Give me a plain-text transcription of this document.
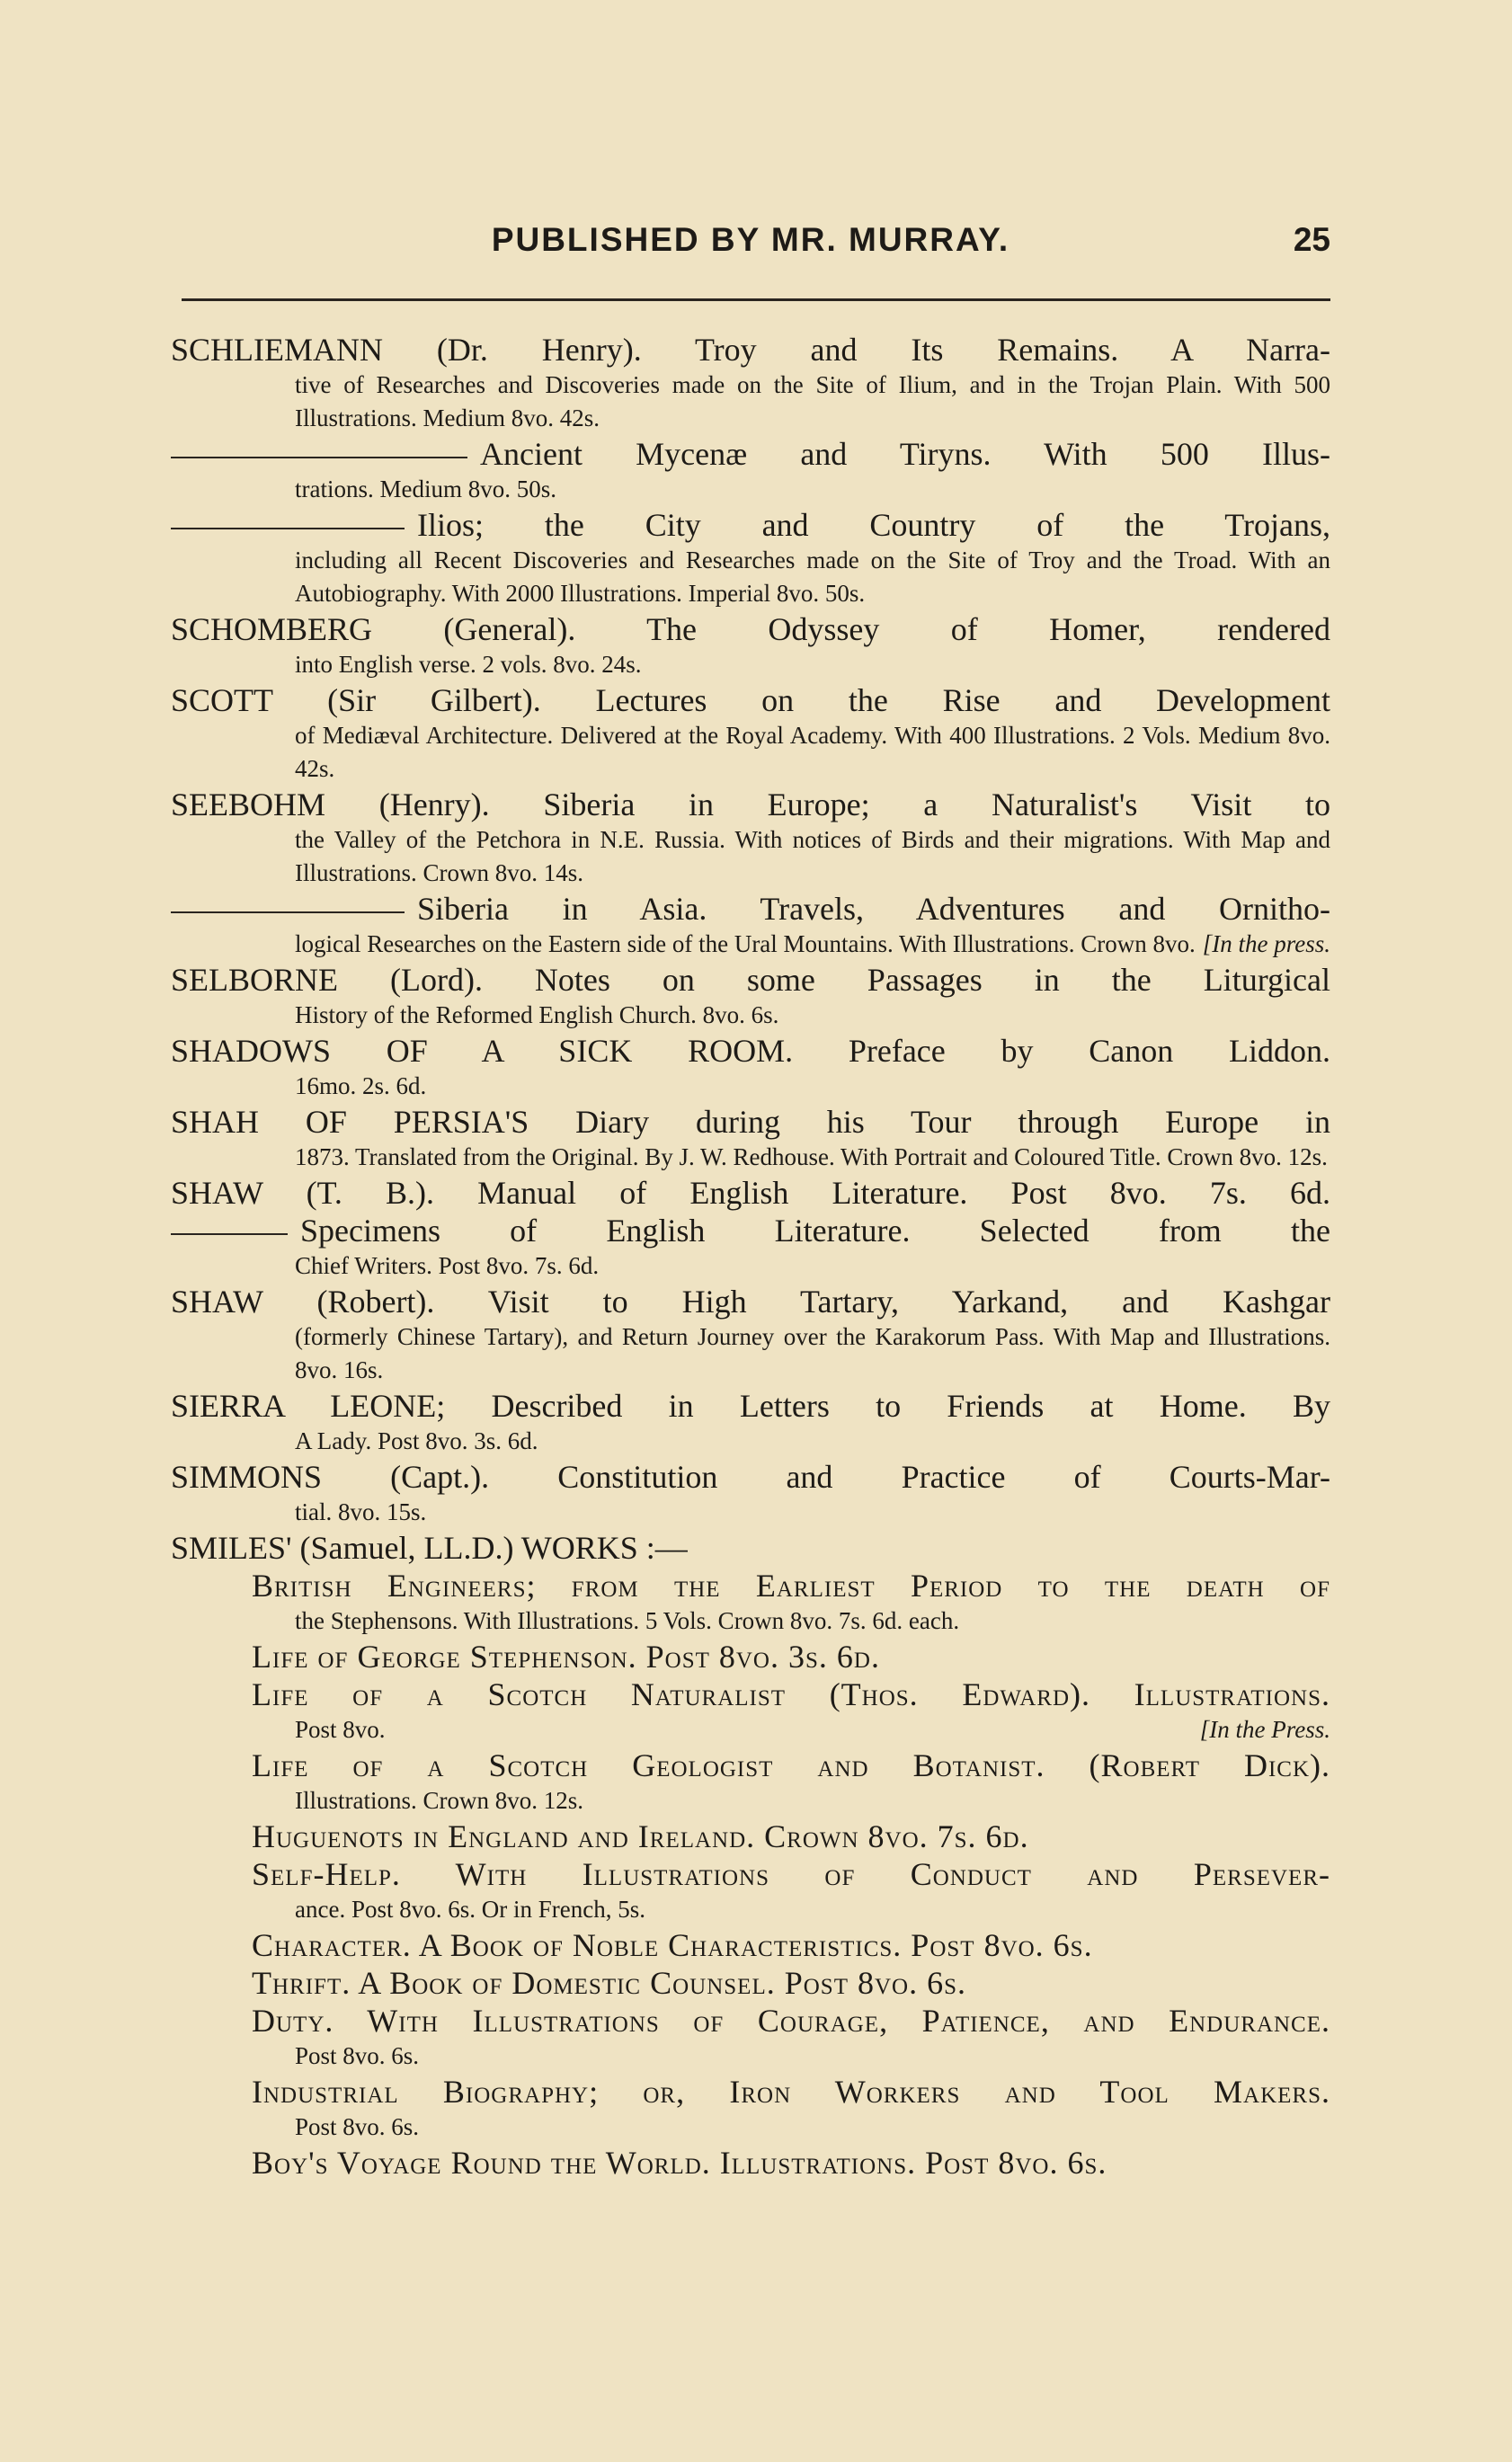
PUBLISHED BY MR. MURRAY.	25
SCHLIEMANN (Dr. Henry). Troy and Its Remains. A Narra-
tive of Researches and Discoveries made on the Site of Ilium, and in the Trojan Plain. With 500 Illustrations. Medium 8vo. 42s.
Ancient Mycenæ and Tiryns. With 500 Illus-
trations. Medium 8vo. 50s.
Ilios; the City and Country of the Trojans,
including all Recent Discoveries and Researches made on the Site of Troy and the Troad. With an Autobiography. With 2000 Illustrations. Imperial 8vo. 50s.
SCHOMBERG (General). The Odyssey of Homer, rendered
into English verse. 2 vols. 8vo. 24s.
SCOTT (Sir Gilbert). Lectures on the Rise and Development
of Mediæval Architecture. Delivered at the Royal Academy. With 400 Illustrations. 2 Vols. Medium 8vo. 42s.
SEEBOHM (Henry). Siberia in Europe; a Naturalist's Visit to
the Valley of the Petchora in N.E. Russia. With notices of Birds and their migrations. With Map and Illustrations. Crown 8vo. 14s.
Siberia in Asia. Travels, Adventures and Ornitho-
logical Researches on the Eastern side of the Ural Mountains. With Illustrations. Crown 8vo. [In the press.
SELBORNE (Lord). Notes on some Passages in the Liturgical
History of the Reformed English Church. 8vo. 6s.
SHADOWS OF A SICK ROOM. Preface by Canon Liddon.
16mo. 2s. 6d.
SHAH OF PERSIA'S Diary during his Tour through Europe in
1873. Translated from the Original. By J. W. Redhouse. With Portrait and Coloured Title. Crown 8vo. 12s.
SHAW (T. B.). Manual of English Literature. Post 8vo. 7s. 6d.
Specimens of English Literature. Selected from the
Chief Writers. Post 8vo. 7s. 6d.
SHAW (Robert). Visit to High Tartary, Yarkand, and Kashgar
(formerly Chinese Tartary), and Return Journey over the Karakorum Pass. With Map and Illustrations. 8vo. 16s.
SIERRA LEONE; Described in Letters to Friends at Home. By
A Lady. Post 8vo. 3s. 6d.
SIMMONS (Capt.). Constitution and Practice of Courts-Mar-
tial. 8vo. 15s.
SMILES' (Samuel, LL.D.) WORKS :—
British Engineers; from the Earliest Period to the death of
the Stephensons. With Illustrations. 5 Vols. Crown 8vo. 7s. 6d. each.
Life of George Stephenson. Post 8vo. 3s. 6d.
Life of a Scotch Naturalist (Thos. Edward). Illustrations.
Post 8vo.	[In the Press.
Life of a Scotch Geologist and Botanist. (Robert Dick).
Illustrations. Crown 8vo. 12s.
Huguenots in England and Ireland. Crown 8vo. 7s. 6d.
Self-Help. With Illustrations of Conduct and Persever-
ance. Post 8vo. 6s. Or in French, 5s.
Character. A Book of Noble Characteristics. Post 8vo. 6s.
Thrift. A Book of Domestic Counsel. Post 8vo. 6s.
Duty. With Illustrations of Courage, Patience, and Endurance.
Post 8vo. 6s.
Industrial Biography; or, Iron Workers and Tool Makers.
Post 8vo. 6s.
Boy's Voyage Round the World. Illustrations. Post 8vo. 6s.
